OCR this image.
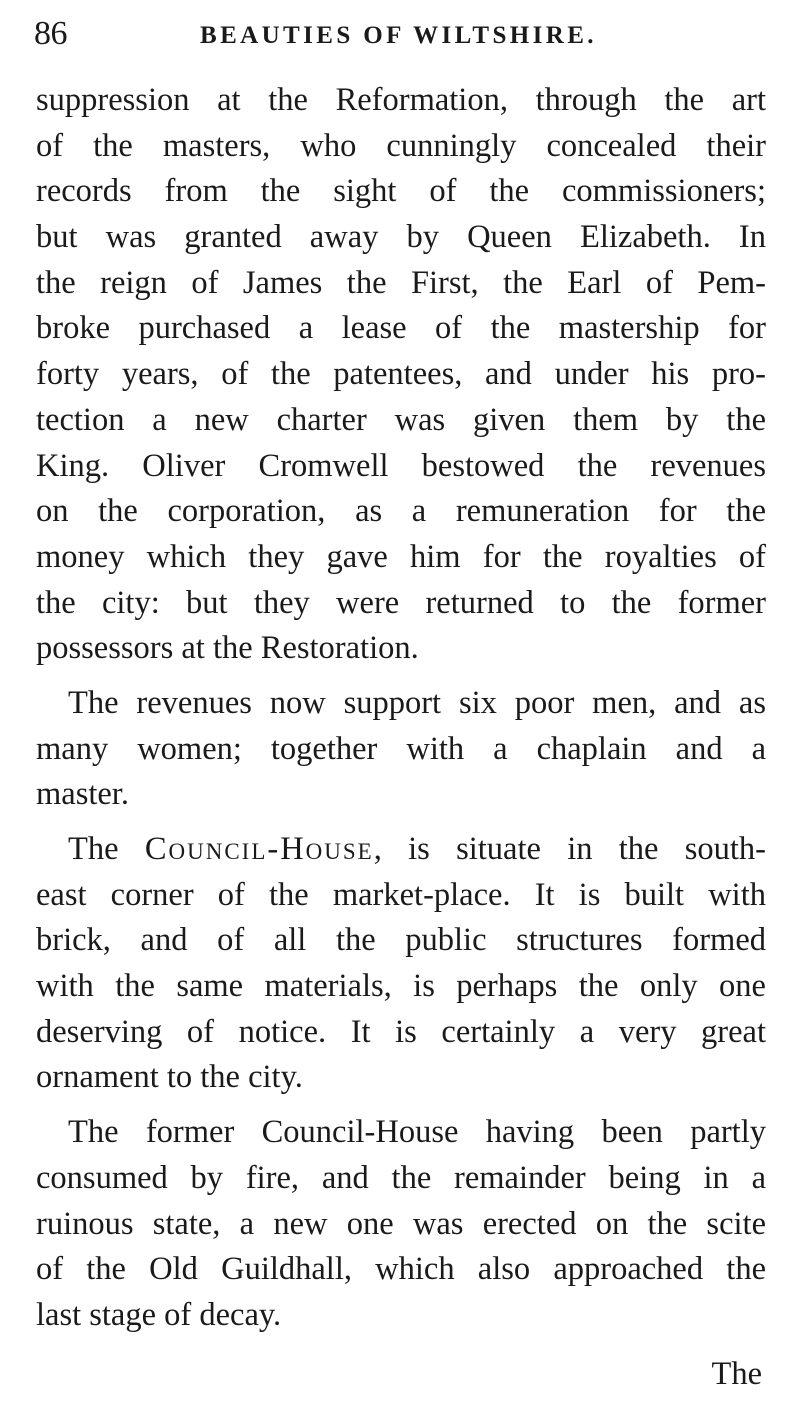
86	BEAUTIES OF WILTSHIRE.
suppression at the Reformation, through the art
of the masters, who cunningly concealed their
records from the sight of the commissioners;
but was granted away by Queen Elizabeth. In
the reign of James the First, the Earl of Pem-
broke purchased a lease of the mastership for
forty years, of the patentees, and under his pro-
tection a new charter was given them by the
King. Oliver Cromwell bestowed the revenues
on the corporation, as a remuneration for the
money which they gave him for the royalties of
the city: but they were returned to the former
possessors at the Restoration.
The revenues now support six poor men, and as
many women; together with a chaplain and a
master.
The Council-House, is situate in the south-
east corner of the market-place. It is built with
brick, and of all the public structures formed
with the same materials, is perhaps the only one
deserving of notice. It is certainly a very great
ornament to the city.
The former Council-House having been partly
consumed by fire, and the remainder being in a
ruinous state, a new one was erected on the scite
of the Old Guildhall, which also approached the
last stage of decay.
The
